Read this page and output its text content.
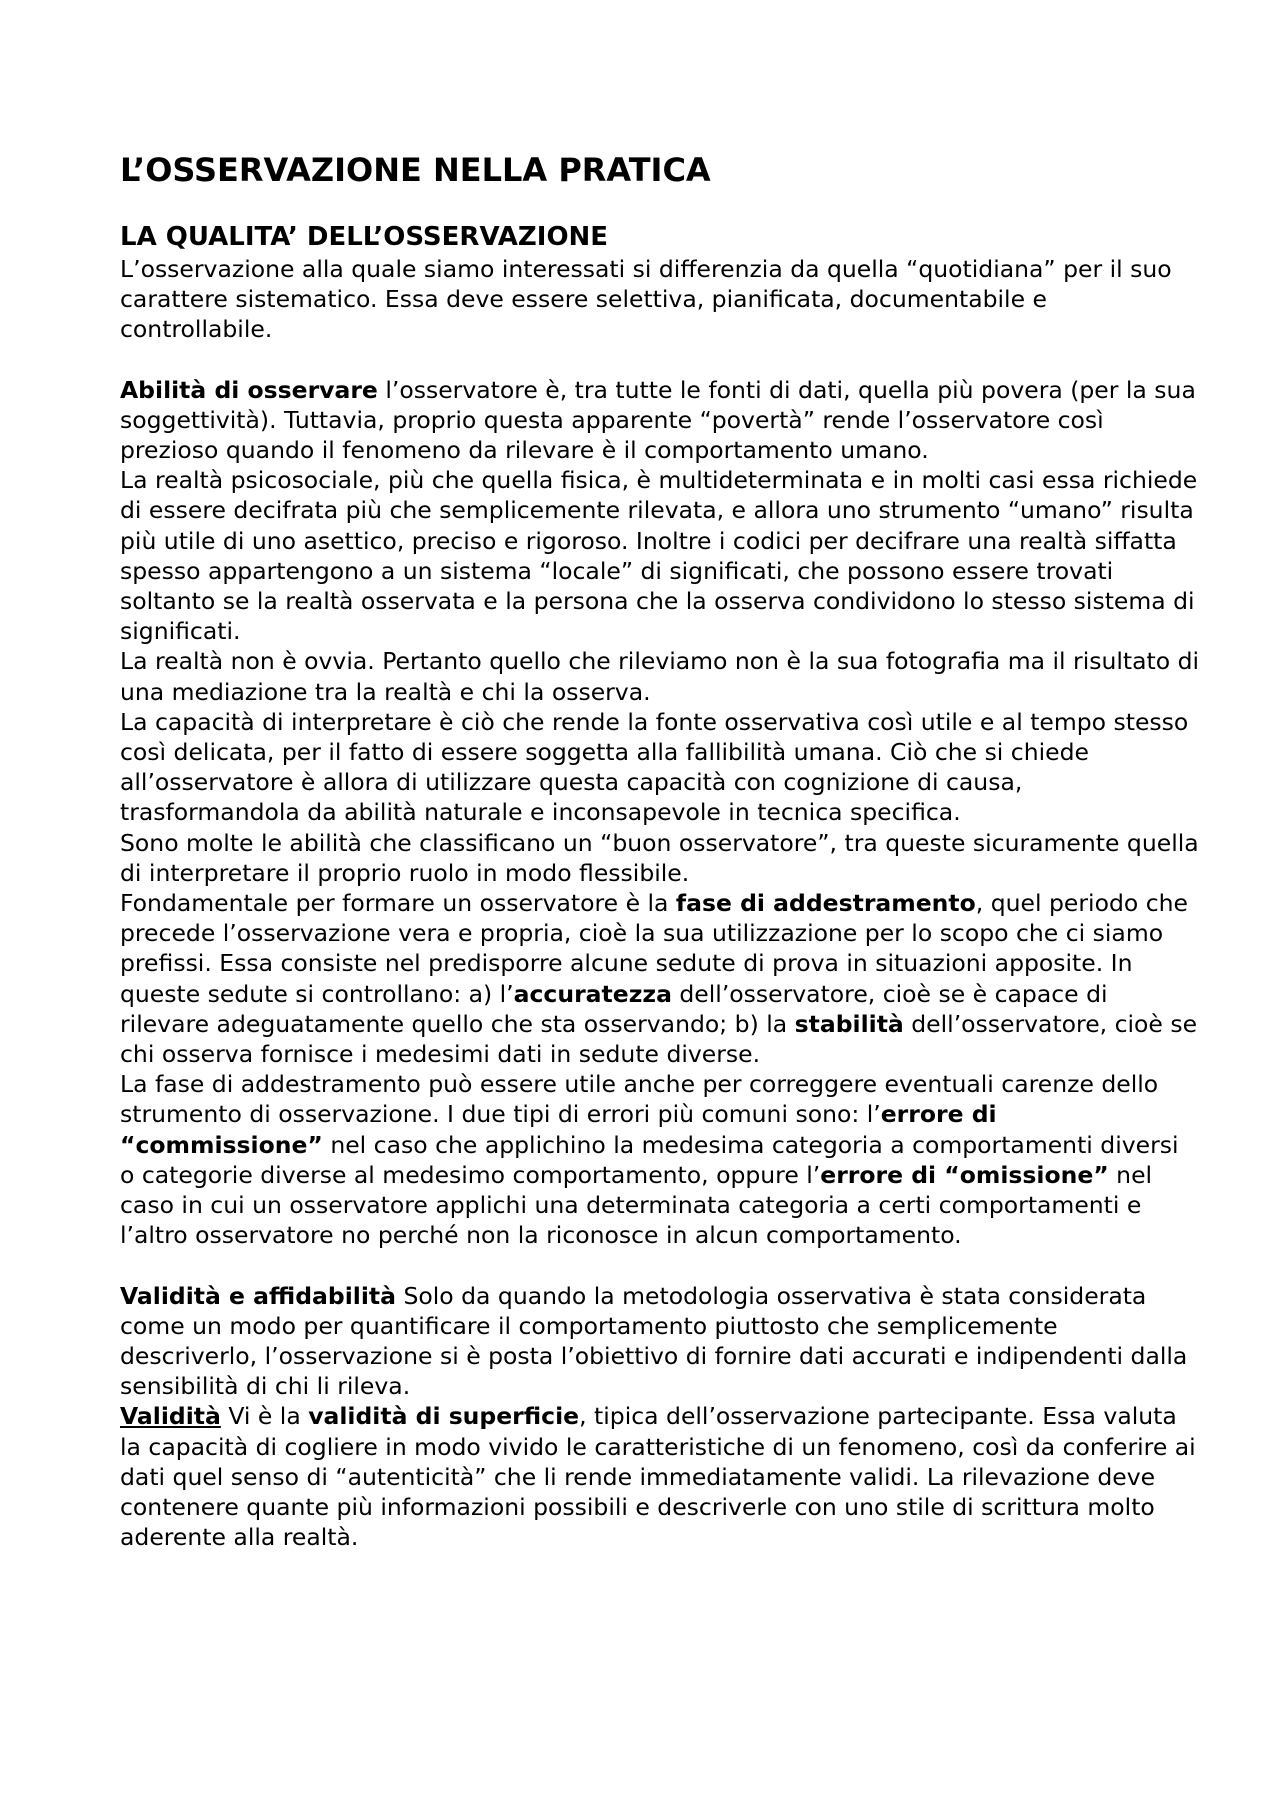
L’OSSERVAZIONE NELLA PRATICA
LA QUALITA’ DELL’OSSERVAZIONE

L’osservazione alla quale siamo interessati si differenzia da quella “quotidiana” per il suo carattere sistematico. Essa deve essere selettiva, pianificata, documentabile e controllabile.

Abilità di osservare l’osservatore è, tra tutte le fonti di dati, quella più povera (per la sua soggettività). Tuttavia, proprio questa apparente “povertà” rende l’osservatore così prezioso quando il fenomeno da rilevare è il comportamento umano.

La realtà psicosociale, più che quella fisica, è multideterminata e in molti casi essa richiede di essere decifrata più che semplicemente rilevata, e allora uno strumento “umano” risulta più utile di uno asettico, preciso e rigoroso. Inoltre i codici per decifrare una realtà siffatta spesso appartengono a un sistema “locale” di significati, che possono essere trovati soltanto se la realtà osservata e la persona che la osserva condividono lo stesso sistema di significati.

La realtà non è ovvia. Pertanto quello che rileviamo non è la sua fotografia ma il risultato di una mediazione tra la realtà e chi la osserva.

La capacità di interpretare è ciò che rende la fonte osservativa così utile e al tempo stesso così delicata, per il fatto di essere soggetta alla fallibilità umana. Ciò che si chiede all’osservatore è allora di utilizzare questa capacità con cognizione di causa, trasformandola da abilità naturale e inconsapevole in tecnica specifica.

Sono molte le abilità che classificano un “buon osservatore”, tra queste sicuramente quella di interpretare il proprio ruolo in modo flessibile.

Fondamentale per formare un osservatore è la fase di addestramento, quel periodo che precede l’osservazione vera e propria, cioè la sua utilizzazione per lo scopo che ci siamo prefissi. Essa consiste nel predisporre alcune sedute di prova in situazioni apposite. In queste sedute si controllano: a) l’accuratezza dell’osservatore, cioè se è capace di rilevare adeguatamente quello che sta osservando; b) la stabilità dell’osservatore, cioè se chi osserva fornisce i medesimi dati in sedute diverse.

La fase di addestramento può essere utile anche per correggere eventuali carenze dello strumento di osservazione. I due tipi di errori più comuni sono: l’errore di “commissione” nel caso che applichino la medesima categoria a comportamenti diversi o categorie diverse al medesimo comportamento, oppure l’errore di “omissione” nel caso in cui un osservatore applichi una determinata categoria a certi comportamenti e l’altro osservatore no perché non la riconosce in alcun comportamento.

Validità e affidabilità Solo da quando la metodologia osservativa è stata considerata come un modo per quantificare il comportamento piuttosto che semplicemente descriverlo, l’osservazione si è posta l’obiettivo di fornire dati accurati e indipendenti dalla sensibilità di chi li rileva.

Validità Vi è la validità di superficie, tipica dell’osservazione partecipante. Essa valuta la capacità di cogliere in modo vivido le caratteristiche di un fenomeno, così da conferire ai dati quel senso di “autenticità” che li rende immediatamente validi. La rilevazione deve contenere quante più informazioni possibili e descriverle con uno stile di scrittura molto aderente alla realtà.
